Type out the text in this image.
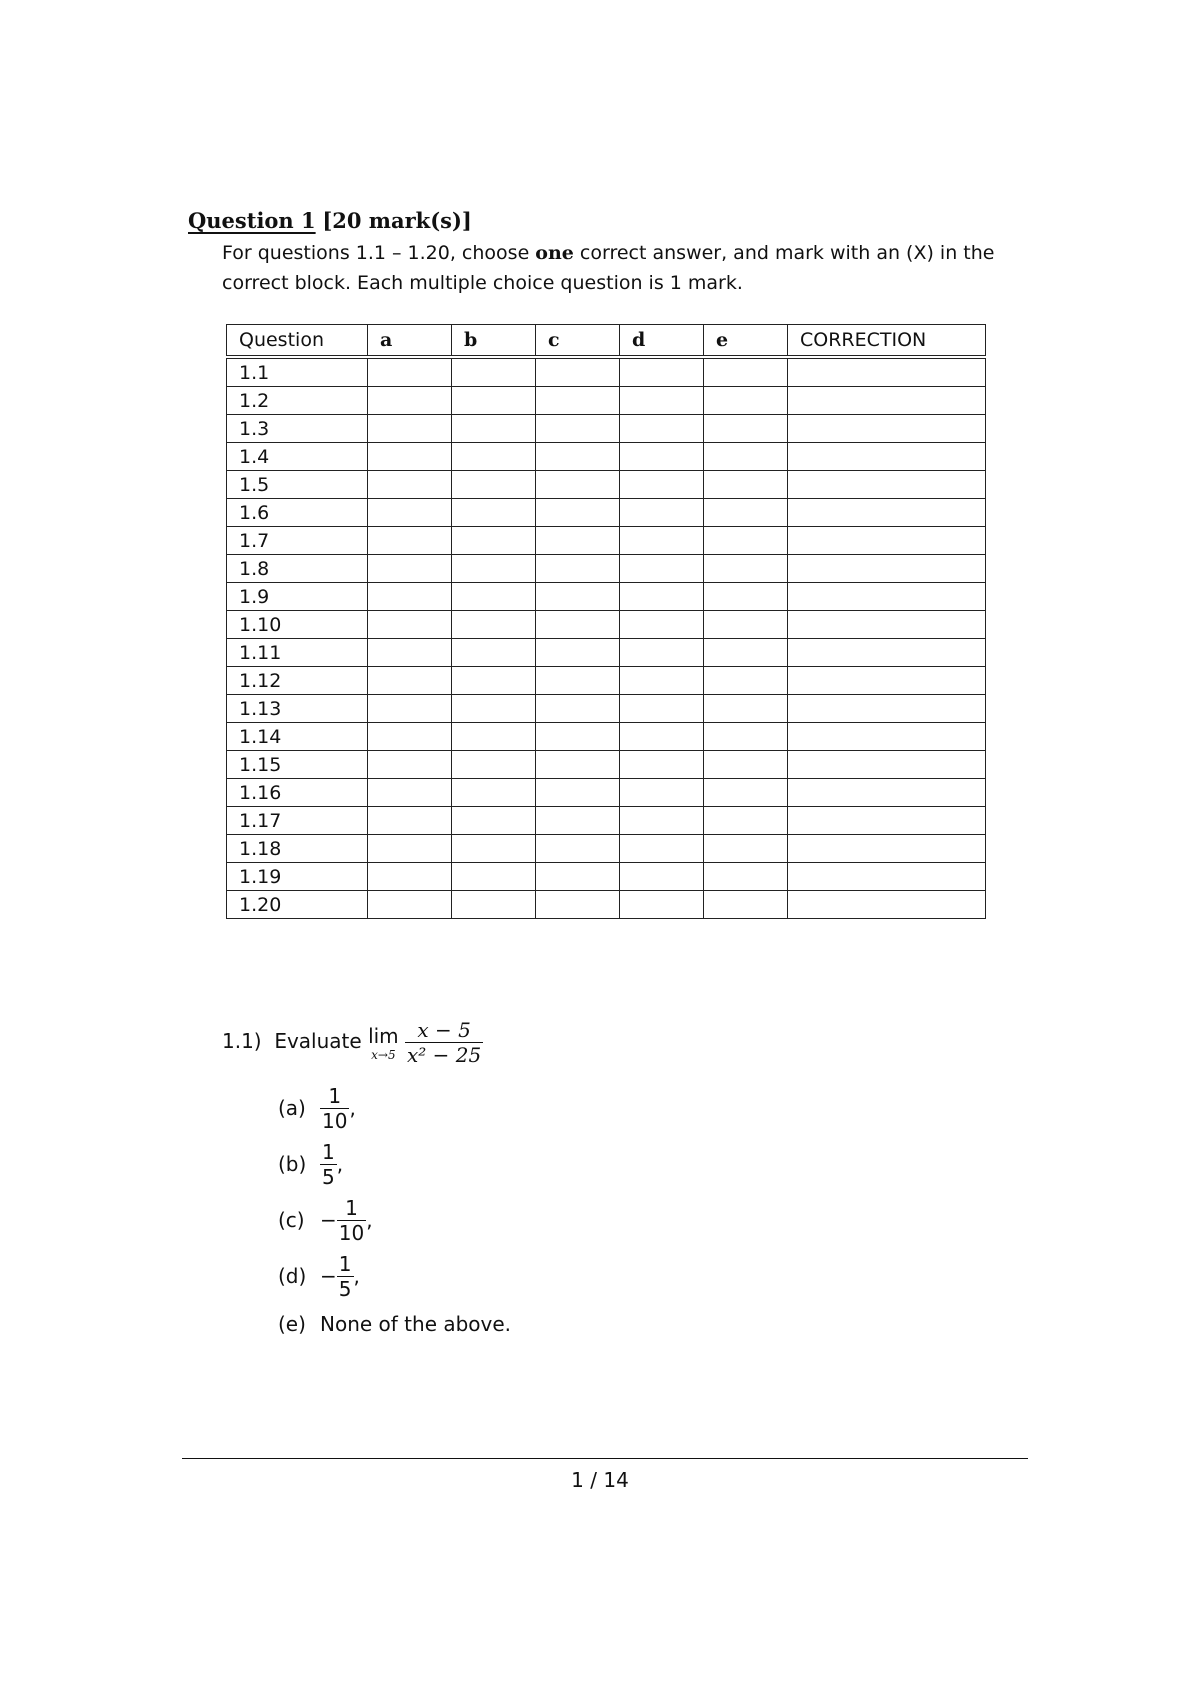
Question 1 [20 mark(s)]
For questions 1.1 – 1.20, choose one correct answer, and mark with an (X) in the correct block. Each multiple choice question is 1 mark.
Question	a	b	c	d	e	CORRECTION
1.1						
1.2						
1.3						
1.4						
1.5						
1.6						
1.7						
1.8						
1.9						
1.10						
1.11						
1.12						
1.13						
1.14						
1.15						
1.16						
1.17						
1.18						
1.19						
1.20						
1.1) Evaluate lim
x→5
$\frac{x - 5}{\text{x² − 25}}$
$(a) \frac{1}{10}$ ,
$(b) \frac{1}{5}$ ,
$(c) - \frac{1}{10}$ ,
$(d) - \frac{1}{5}$ ,
(e) None of the above.
1 / 14
